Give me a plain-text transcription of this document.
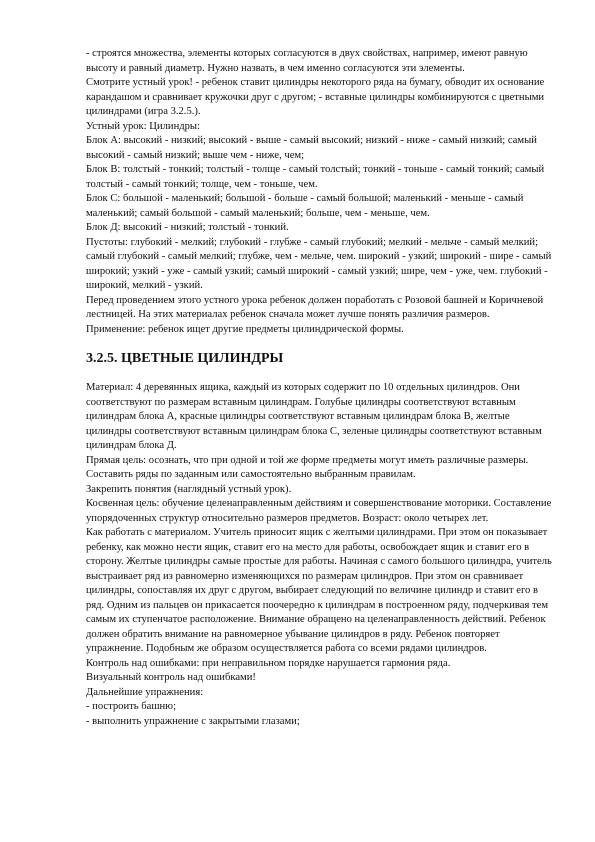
- строятся множества, элементы которых согласуются в двух свойствах, например, имеют равную высоту и равный диаметр. Нужно назвать, в чем именно согласуются эти элементы.

Смотрите устный урок! - ребенок ставит цилиндры некоторого ряда на бумагу, обводит их основание карандашом и сравнивает кружочки друг с другом; - вставные цилиндры комбинируются с цветными цилиндрами (игра 3.2.5.).

Устный урок: Цилиндры:

Блок А: высокий - низкий; высокий - выше - самый высокий; низкий - ниже - самый низкий; самый высокий - самый низкий; выше чем - ниже, чем;

Блок В: толстый - тонкий; толстый - толще - самый толстый; тонкий - тоньше - самый тонкий; самый толстый - самый тонкий; толще, чем - тоньше, чем.

Блок С: большой - маленький; большой - больше - самый большой; маленький - меньше - самый маленький; самый большой - самый маленький; больше, чем - меньше, чем.

Блок Д: высокий - низкий; толстый - тонкий.

Пустоты: глубокий - мелкий; глубокий - глубже - самый глубокий; мелкий - мельче - самый мелкий; самый глубокий - самый мелкий; глубже, чем - мельче, чем. широкий - узкий; широкий - шире - самый широкий; узкий - уже - самый узкий; самый широкий - самый узкий; шире, чем - уже, чем. глубокий - широкий, мелкий - узкий.

Перед проведением этого устного урока ребенок должен поработать с Розовой башней и Коричневой лестницей. На этих материалах ребенок сначала может лучше понять различия размеров.

Применение: ребенок ищет другие предметы цилиндрической формы.

3.2.5. ЦВЕТНЫЕ ЦИЛИНДРЫ

Материал: 4 деревянных ящика, каждый из которых содержит по 10 отдельных цилиндров. Они соответствуют по размерам вставным цилиндрам. Голубые цилиндры соответствуют вставным цилиндрам блока А, красные цилиндры соответствуют вставным цилиндрам блока В, желтые цилиндры соответствуют вставным цилиндрам блока С, зеленые цилиндры соответствуют вставным цилиндрам блока Д.

Прямая цель: осознать, что при одной и той же форме предметы могут иметь различные размеры. Составить ряды по заданным или самостоятельно выбранным правилам.

Закрепить понятия (наглядный устный урок).

Косвенная цель: обучение целенаправленным действиям и совершенствование моторики. Составление упорядоченных структур относительно размеров предметов. Возраст: около четырех лет.

Как работать с материалом. Учитель приносит ящик с желтыми цилиндрами. При этом он показывает ребенку, как можно нести ящик, ставит его на место для работы, освобождает ящик и ставит его в сторону. Желтые цилиндры самые простые для работы. Начиная с самого большого цилиндра, учитель выстраивает ряд из равномерно изменяющихся по размерам цилиндров. При этом он сравнивает цилиндры, сопоставляя их друг с другом, выбирает следующий по величине цилиндр и ставит его в ряд. Одним из пальцев он прикасается поочередно к цилиндрам в построенном ряду, подчеркивая тем самым их ступенчатое расположение. Внимание обращено на целенаправленность действий. Ребенок должен обратить внимание на равномерное убывание цилиндров в ряду. Ребенок повторяет упражнение. Подобным же образом осуществляется работа со всеми рядами цилиндров.

Контроль над ошибками: при неправильном порядке нарушается гармония ряда.

Визуальный контроль над ошибками!

Дальнейшие упражнения:

- построить башню;

- выполнить упражнение с закрытыми глазами;
